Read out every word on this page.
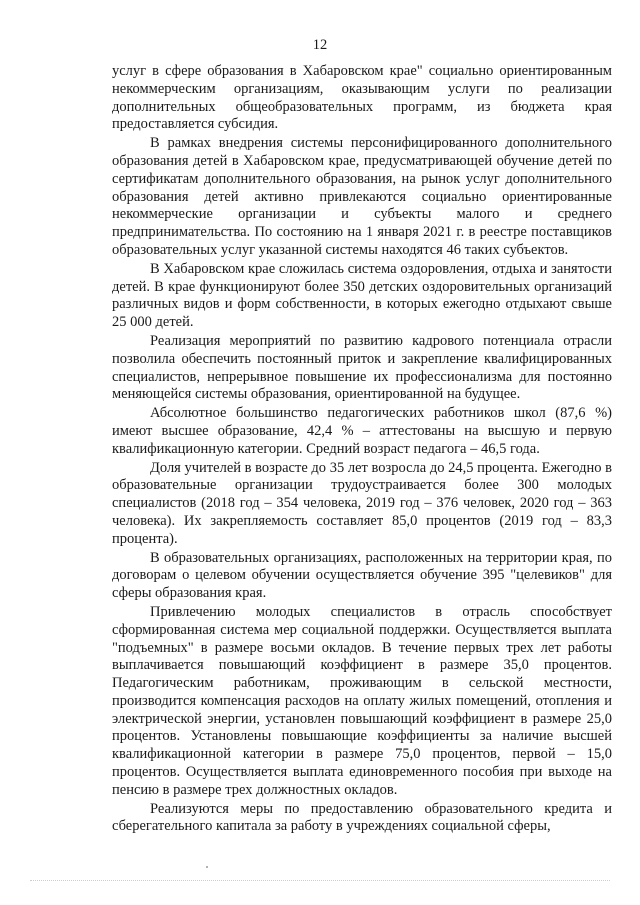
12

услуг в сфере образования в Хабаровском крае" социально ориентированным некоммерческим организациям, оказывающим услуги по реализации дополнительных общеобразовательных программ, из бюджета края предоставляется субсидия.

В рамках внедрения системы персонифицированного дополнительного образования детей в Хабаровском крае, предусматривающей обучение детей по сертификатам дополнительного образования, на рынок услуг дополнительного образования детей активно привлекаются социально ориентированные некоммерческие организации и субъекты малого и среднего предпринимательства. По состоянию на 1 января 2021 г. в реестре поставщиков образовательных услуг указанной системы находятся 46 таких субъектов.

В Хабаровском крае сложилась система оздоровления, отдыха и занятости детей. В крае функционируют более 350 детских оздоровительных организаций различных видов и форм собственности, в которых ежегодно отдыхают свыше 25 000 детей.

Реализация мероприятий по развитию кадрового потенциала отрасли позволила обеспечить постоянный приток и закрепление квалифицированных специалистов, непрерывное повышение их профессионализма для постоянно меняющейся системы образования, ориентированной на будущее.

Абсолютное большинство педагогических работников школ (87,6 %) имеют высшее образование, 42,4 % – аттестованы на высшую и первую квалификационную категории. Средний возраст педагога – 46,5 года.

Доля учителей в возрасте до 35 лет возросла до 24,5 процента. Ежегодно в образовательные организации трудоустраивается более 300 молодых специалистов (2018 год – 354 человека, 2019 год – 376 человек, 2020 год – 363 человека). Их закрепляемость составляет 85,0 процентов (2019 год – 83,3 процента).

В образовательных организациях, расположенных на территории края, по договорам о целевом обучении осуществляется обучение 395 "целевиков" для сферы образования края.

Привлечению молодых специалистов в отрасль способствует сформированная система мер социальной поддержки. Осуществляется выплата "подъемных" в размере восьми окладов. В течение первых трех лет работы выплачивается повышающий коэффициент в размере 35,0 процентов. Педагогическим работникам, проживающим в сельской местности, производится компенсация расходов на оплату жилых помещений, отопления и электрической энергии, установлен повышающий коэффициент в размере 25,0 процентов. Установлены повышающие коэффициенты за наличие высшей квалификационной категории в размере 75,0 процентов, первой – 15,0 процентов. Осуществляется выплата единовременного пособия при выходе на пенсию в размере трех должностных окладов.

Реализуются меры по предоставлению образовательного кредита и сберегательного капитала за работу в учреждениях социальной сферы,
